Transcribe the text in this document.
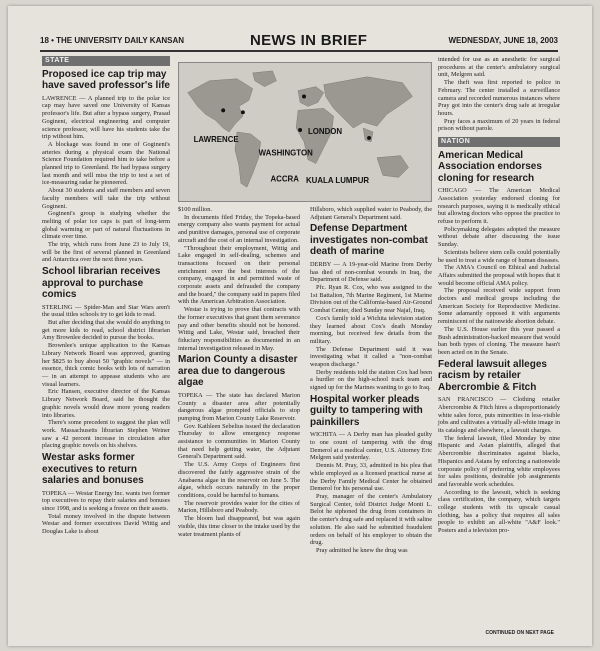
18 • THE UNIVERSITY DAILY KANSAN	NEWS IN BRIEF	WEDNESDAY, JUNE 18, 2003
STATE
Proposed ice cap trip may have saved professor's life

LAWRENCE — A planned trip to the polar ice cap may have saved one University of Kansas professor's life. But after a bypass surgery, Prasad Gogineni, electrical engineering and computer science professor, will have his students take the trip without him.

A blockage was found in one of Gogineni's arteries during a physical exam the National Science Foundation required him to take before a planned trip to Greenland. He had bypass surgery last month and will miss the trip to test a set of ice-measuring radar he pioneered.

About 30 students and staff members and seven faculty members will take the trip without Gogineni.

Gogineni's group is studying whether the melting of polar ice caps is part of long-term global warming or part of natural fluctuations in climate over time.

The trip, which runs from June 23 to July 19, will be the first of several planned in Greenland and Antarctica over the next three years.

School librarian receives approval to purchase comics

STERLING — Spider-Man and Star Wars aren't the usual titles schools try to get kids to read.

But after deciding that she would do anything to get more kids to read, school district librarian Amy Brownlee decided to pursue the books.

Brownlee's unique application to the Kansas Library Network Board was approved, granting her $825 to buy about 50 "graphic novels" — in essence, thick comic books with lots of narration — in an attempt to appease students who are visual learners.

Eric Hansen, executive director of the Kansas Library Network Board, said he thought the graphic novels would draw more young readers into libraries.

There's some precedent to suggest the plan will work. Massachusetts librarian Stephen Weiner saw a 42 percent increase in circulation after placing graphic novels on his shelves.

Westar asks former executives to return salaries and bonuses

TOPEKA — Westar Energy Inc. wants two former top executives to repay their salaries and bonuses since 1998, and is seeking a freeze on their assets.

Total money involved in the dispute between Westar and former executives David Wittig and Douglas Lake is about

LAWRENCE
LONDON
WASHINGTON
ACCRA KUALA LUMPUR

$100 million.

In documents filed Friday, the Topeka-based energy company also wants payment for actual and punitive damages, personal use of corporate aircraft and the cost of an internal investigation.

"Throughout their employment, Wittig and Lake engaged in self-dealing, schemes and transactions focused on their personal enrichment over the best interests of the company, engaged in and permitted waste of corporate assets and defrauded the company and the board," the company said in papers filed with the American Arbitration Association.

Westar is trying to prove that contracts with the former executives that grant them severance pay and other benefits should not be honored. Wittig and Lake, Westar said, breached their fiduciary responsibilities as documented in an internal investigation released in May.

Marion County a disaster area due to dangerous algae

TOPEKA — The state has declared Marion County a disaster area after potentially dangerous algae prompted officials to stop pumping from Marion County Lake Reservoir.

Gov. Kathleen Sebelius issued the declaration Thursday to allow emergency response assistance to communities in Marion County that need help getting water, the Adjutant General's Department said.

The U.S. Army Corps of Engineers first discovered the fairly aggressive strain of the Anabaena algae in the reservoir on June 5. The algae, which occurs naturally in the proper conditions, could be harmful to humans.

The reservoir provides water for the cities of Marion, Hillsboro and Peabody.

The bloom had disappeared, but was again visible, this time closer to the intake used by the water treatment plants of

Hillsboro, which supplied water to Peabody, the Adjutant General's Department said.

Defense Department investigates non-combat death of marine

DERBY — A 19-year-old Marine from Derby has died of non-combat wounds in Iraq, the Department of Defense said.

Pfc. Ryan R. Cox, who was assigned to the 1st Battalion, 7th Marine Regiment, 1st Marine Division out of the California-based Air-Ground Combat Center, died Sunday near Najaf, Iraq.

Cox's family told a Wichita television station they learned about Cox's death Monday morning, but received few details from the military.

The Defense Department said it was investigating what it called a "non-combat weapon discharge."

Derby residents told the station Cox had been a hurdler on the high-school track team and signed up for the Marines wanting to go to Iraq.

Hospital worker pleads guilty to tampering with painkillers

WICHITA — A Derby man has pleaded guilty to one count of tampering with the drug Demerol at a medical center, U.S. Attorney Eric Melgren said yesterday.

Dennis M. Pray, 33, admitted in his plea that while employed as a licensed practical nurse at the Derby Family Medical Center he obtained Demerol for his personal use.

Pray, manager of the center's Ambulatory Surgical Center, told District Judge Monti L. Belot he siphoned the drug from containers in the center's drug safe and replaced it with saline solution. He also said he submitted fraudulent orders on behalf of his employer to obtain the drug.

Pray admitted he knew the drug was

intended for use as an anesthetic for surgical procedures at the center's ambulatory surgical unit, Melgren said.

The theft was first reported to police in February. The center installed a surveillance camera and recorded numerous instances where Pray got into the center's drug safe at irregular hours.

Pray faces a maximum of 20 years in federal prison without parole.

NATION
American Medical Association endorses cloning for research

CHICAGO — The American Medical Association yesterday endorsed cloning for research purposes, saying it is medically ethical but allowing doctors who oppose the practice to refuse to perform it.

Policymaking delegates adopted the measure without debate after discussing the issue Sunday.

Scientists believe stem cells could potentially be used to treat a wide range of human diseases.

The AMA's Council on Ethical and Judicial Affairs submitted the proposal with hopes that it would become official AMA policy.

The proposal received wide support from doctors and medical groups including the American Society for Reproductive Medicine. Some adamantly opposed it with arguments reminiscent of the nationwide abortion debate.

The U.S. House earlier this year passed a Bush administration-backed measure that would ban both types of cloning. The measure hasn't been acted on in the Senate.

Federal lawsuit alleges racism by retailer Abercrombie & Fitch

SAN FRANCISCO — Clothing retailer Abercrombie & Fitch hires a disproportionately white sales force, puts minorities in less-visible jobs and cultivates a virtually all-white image in its catalogs and elsewhere, a lawsuit charges.

The federal lawsuit, filed Monday by nine Hispanic and Asian plaintiffs, alleged that Abercrombie discriminates against blacks, Hispanics and Asians by enforcing a nationwide corporate policy of preferring white employees for sales positions, desirable job assignments and favorable work schedules.

According to the lawsuit, which is seeking class certification, the company, which targets college students with its upscale casual clothing, has a policy that requires all sales people to exhibit an all-white "A&F look." Posters and a television pro-

CONTINUED ON NEXT PAGE
